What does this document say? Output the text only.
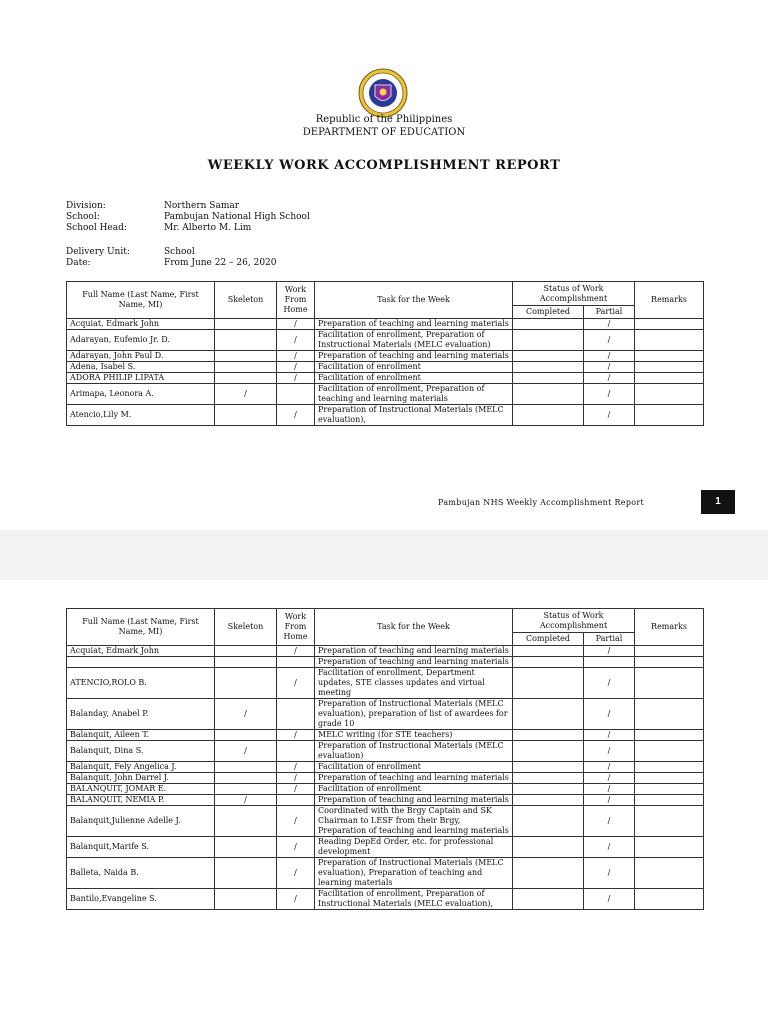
Republic of the Philippines
DEPARTMENT OF EDUCATION
WEEKLY WORK ACCOMPLISHMENT REPORT
Division:	Northern Samar
School:	Pambujan National High School
School Head:	Mr. Alberto M. Lim
Delivery Unit:	School
Date:	From June 22 – 26, 2020
Full Name (Last Name, First Name, MI)	Skeleton	Work From Home	Task for the Week	Status of Work Accomplishment		Remarks
				Completed	Partial	
Acquiat, Edmark John		/	Preparation of teaching and learning materials		/	
Adarayan, Eufemio Jr. D.		/	Facilitation of enrollment, Preparation of Instructional Materials (MELC evaluation)		/	
Adarayan, John Paul D.		/	Preparation of teaching and learning materials		/	
Adena, Isabel S.		/	Facilitation of enrollment		/	
ADORA PHILIP LIPATA		/	Facilitation of enrollment		/	
Arimapa, Leonora A.	/		Facilitation of enrollment, Preparation of teaching and learning materials		/	
Atencio,Lily M.		/	Preparation of Instructional Materials (MELC evaluation),		/	
Pambujan NHS Weekly Accomplishment Report	1
Full Name (Last Name, First Name, MI)	Skeleton	Work From Home	Task for the Week	Status of Work Accomplishment		Remarks
				Completed	Partial	
Acquiat, Edmark John		/	Preparation of teaching and learning materials		/	
			Preparation of teaching and learning materials			
ATENCIO,ROLO B.		/	Facilitation of enrollment, Department updates, STE classes updates and virtual meeting		/	
Balanday, Anabel P.	/		Preparation of Instructional Materials (MELC evaluation), preparation of list of awardees for grade 10		/	
Balanquit, Aileen T.		/	MELC writing (for STE teachers)		/	
Balanquit, Dina S.	/		Preparation of Instructional Materials (MELC evaluation)		/	
Balanquit, Fely Angelica J.		/	Facilitation of enrollment		/	
Balanquit, John Darrel J.		/	Preparation of teaching and learning materials		/	
BALANQUIT, JOMAR E.		/	Facilitation of enrollment		/	
BALANQUIT, NEMIA P.	/		Preparation of teaching and learning materials		/	
Balanquit,Julienne Adelle J.		/	Coordinated with the Brgy Captain and SK Chairman to LESF from their Brgy, Preparation of teaching and learning materials		/	
Balanquit,Marife S.		/	Reading DepEd Order, etc. for professional development		/	
Balleta, Naida B.		/	Preparation of Instructional Materials (MELC evaluation), Preparation of teaching and learning materials		/	
Bantilo,Evangeline S.		/	Facilitation of enrollment, Preparation of Instructional Materials (MELC evaluation),		/	
